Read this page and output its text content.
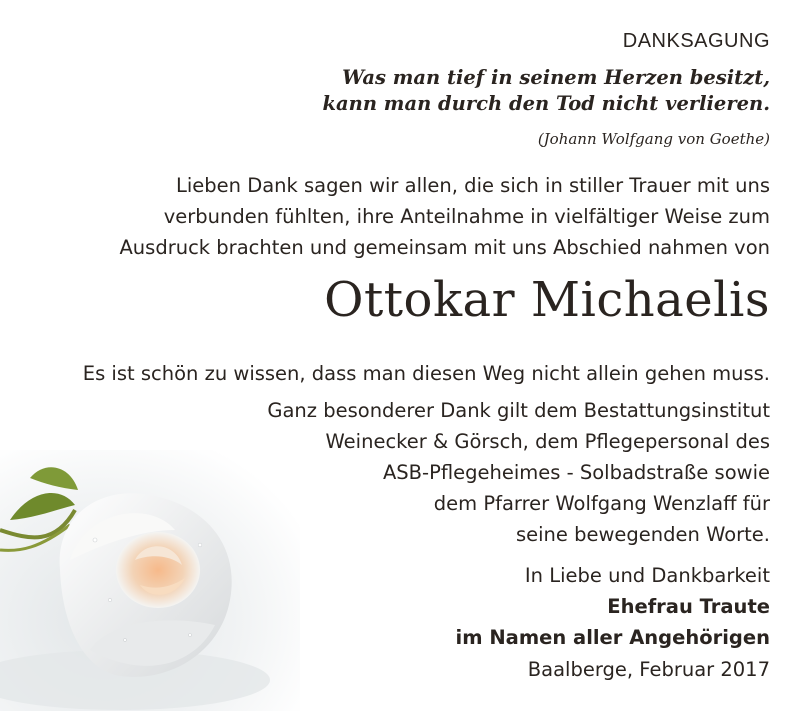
DANKSAGUNG
Was man tief in seinem Herzen besitzt,
kann man durch den Tod nicht verlieren.
(Johann Wolfgang von Goethe)
Lieben Dank sagen wir allen, die sich in stiller Trauer mit uns
verbunden fühlten, ihre Anteilnahme in vielfältiger Weise zum
Ausdruck brachten und gemeinsam mit uns Abschied nahmen von
Ottokar Michaelis
Es ist schön zu wissen, dass man diesen Weg nicht allein gehen muss.
Ganz besonderer Dank gilt dem Bestattungsinstitut
Weinecker & Görsch, dem Pflegepersonal des
ASB-Pflegeheimes - Solbadstraße sowie
dem Pfarrer Wolfgang Wenzlaff für
seine bewegenden Worte.
In Liebe und Dankbarkeit
Ehefrau Traute
im Namen aller Angehörigen
Baalberge, Februar 2017
